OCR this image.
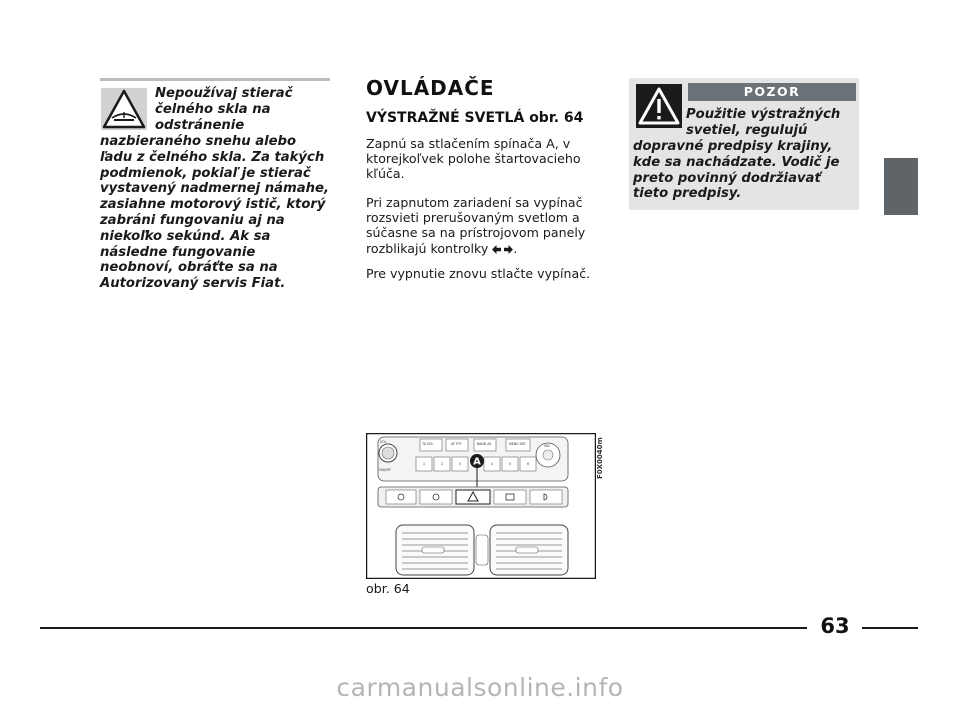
Nepoužívaj stierač čelného skla na odstránenie
nazbieraného snehu alebo ľadu z čelného skla. Za takých podmienok, pokiaľ je stierač vystavený nadmernej námahe, zasiahne motorový istič, ktorý zabráni fungovaniu aj na niekoľko sekúnd. Ak sa následne fungovanie neobnoví, obráťte sa na Autorizovaný servis Fiat.
OVLÁDAČE
VÝSTRAŽNÉ SVETLÁ obr. 64
Zapnú sa stlačením spínača A, v ktorejkoľvek polohe štartovacieho kľúča.
Pri zapnutom zariadení sa vypínač rozsvieti prerušovaným svetlom a súčasne sa na prístrojovom panely rozblikajú kontrolky .
Pre vypnutie znovu stlačte vypínač.
VOL	TA VOL	AF PTY	BAND AS	MENU SEE	SRC
ON/OFF
1	2	3	4	5	6
A	F0X0040m
obr. 64
POZOR
Použitie výstražných svetiel, regulujú
dopravné predpisy krajiny, kde sa nachádzate. Vodič je preto povinný dodržiavať tieto predpisy.
63
carmanualsonline.info
